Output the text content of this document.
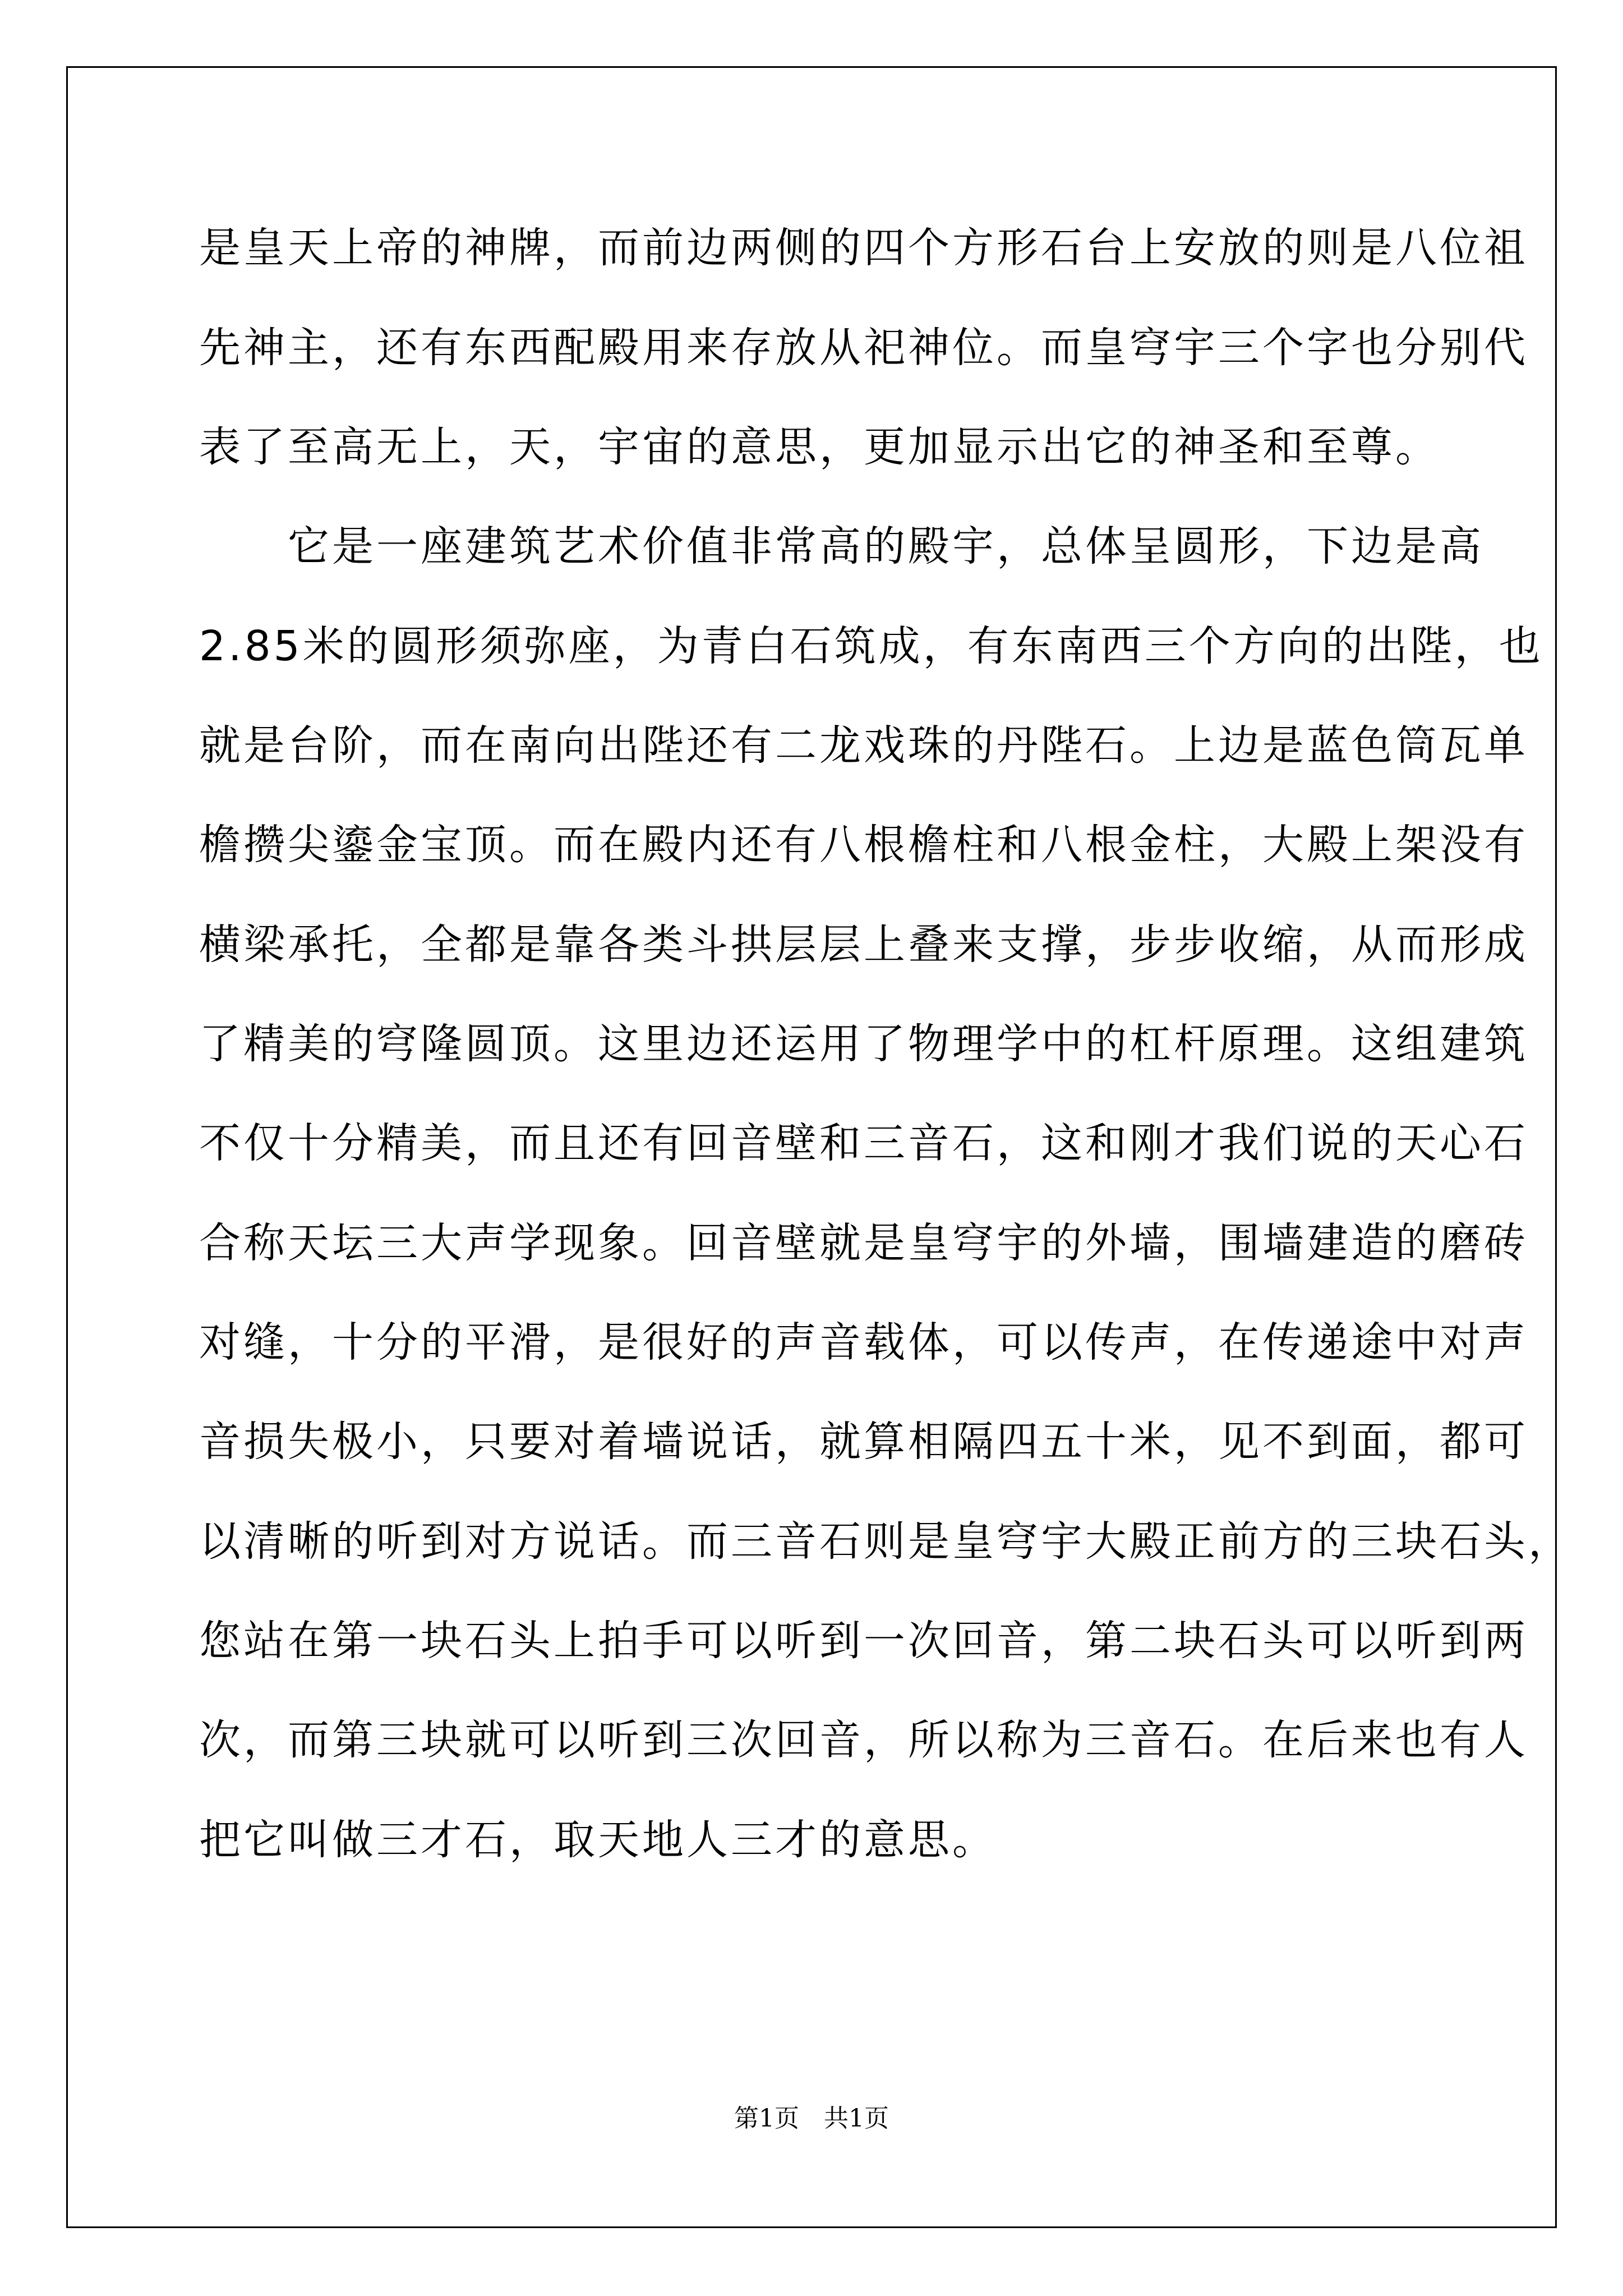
是皇天上帝的神牌，而前边两侧的四个方形石台上安放的则是八位祖
先神主，还有东西配殿用来存放从祀神位。而皇穹宇三个字也分别代
表了至高无上，天，宇宙的意思，更加显示出它的神圣和至尊。
　　它是一座建筑艺术价值非常高的殿宇，总体呈圆形，下边是高
2.85米的圆形须弥座，为青白石筑成，有东南西三个方向的出陛，也
就是台阶，而在南向出陛还有二龙戏珠的丹陛石。上边是蓝色筒瓦单
檐攒尖鎏金宝顶。而在殿内还有八根檐柱和八根金柱，大殿上架没有
横梁承托，全都是靠各类斗拱层层上叠来支撑，步步收缩，从而形成
了精美的穹隆圆顶。这里边还运用了物理学中的杠杆原理。这组建筑
不仅十分精美，而且还有回音壁和三音石，这和刚才我们说的天心石
合称天坛三大声学现象。回音壁就是皇穹宇的外墙，围墙建造的磨砖
对缝，十分的平滑，是很好的声音载体，可以传声，在传递途中对声
音损失极小，只要对着墙说话，就算相隔四五十米，见不到面，都可
以清晰的听到对方说话。而三音石则是皇穹宇大殿正前方的三块石头，
您站在第一块石头上拍手可以听到一次回音，第二块石头可以听到两
次，而第三块就可以听到三次回音，所以称为三音石。在后来也有人
把它叫做三才石，取天地人三才的意思。
第1页　共1页
